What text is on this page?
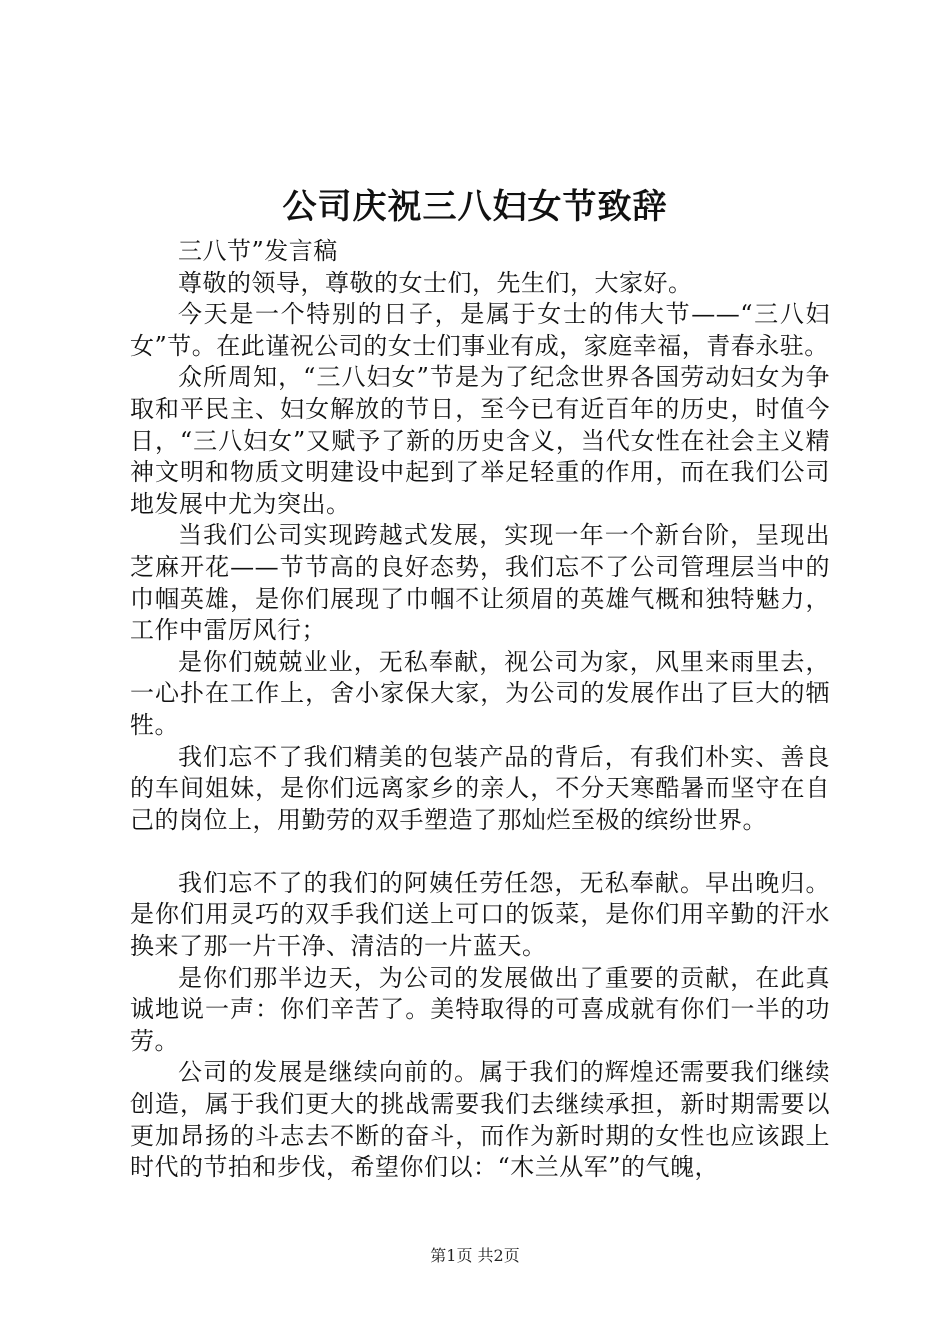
公司庆祝三八妇女节致辞

三八节”发言稿

尊敬的领导，尊敬的女士们，先生们，大家好。

今天是一个特别的日子，是属于女士的伟大节——“三八妇女”节。在此谨祝公司的女士们事业有成，家庭幸福，青春永驻。

众所周知，“三八妇女”节是为了纪念世界各国劳动妇女为争取和平民主、妇女解放的节日，至今已有近百年的历史，时值今日，“三八妇女”又赋予了新的历史含义，当代女性在社会主义精神文明和物质文明建设中起到了举足轻重的作用，而在我们公司地发展中尤为突出。

当我们公司实现跨越式发展，实现一年一个新台阶，呈现出芝麻开花——节节高的良好态势，我们忘不了公司管理层当中的巾帼英雄，是你们展现了巾帼不让须眉的英雄气概和独特魅力，工作中雷厉风行；

是你们兢兢业业，无私奉献，视公司为家，风里来雨里去，一心扑在工作上，舍小家保大家，为公司的发展作出了巨大的牺牲。

我们忘不了我们精美的包装产品的背后，有我们朴实、善良的车间姐妹，是你们远离家乡的亲人，不分天寒酷暑而坚守在自己的岗位上，用勤劳的双手塑造了那灿烂至极的缤纷世界。

我们忘不了的我们的阿姨任劳任怨，无私奉献。早出晚归。是你们用灵巧的双手我们送上可口的饭菜，是你们用辛勤的汗水换来了那一片干净、清洁的一片蓝天。

是你们那半边天，为公司的发展做出了重要的贡献，在此真诚地说一声：你们辛苦了。美特取得的可喜成就有你们一半的功劳。

公司的发展是继续向前的。属于我们的辉煌还需要我们继续创造，属于我们更大的挑战需要我们去继续承担，新时期需要以更加昂扬的斗志去不断的奋斗，而作为新时期的女性也应该跟上时代的节拍和步伐，希望你们以：“木兰从军”的气魄，

第1页 共2页
